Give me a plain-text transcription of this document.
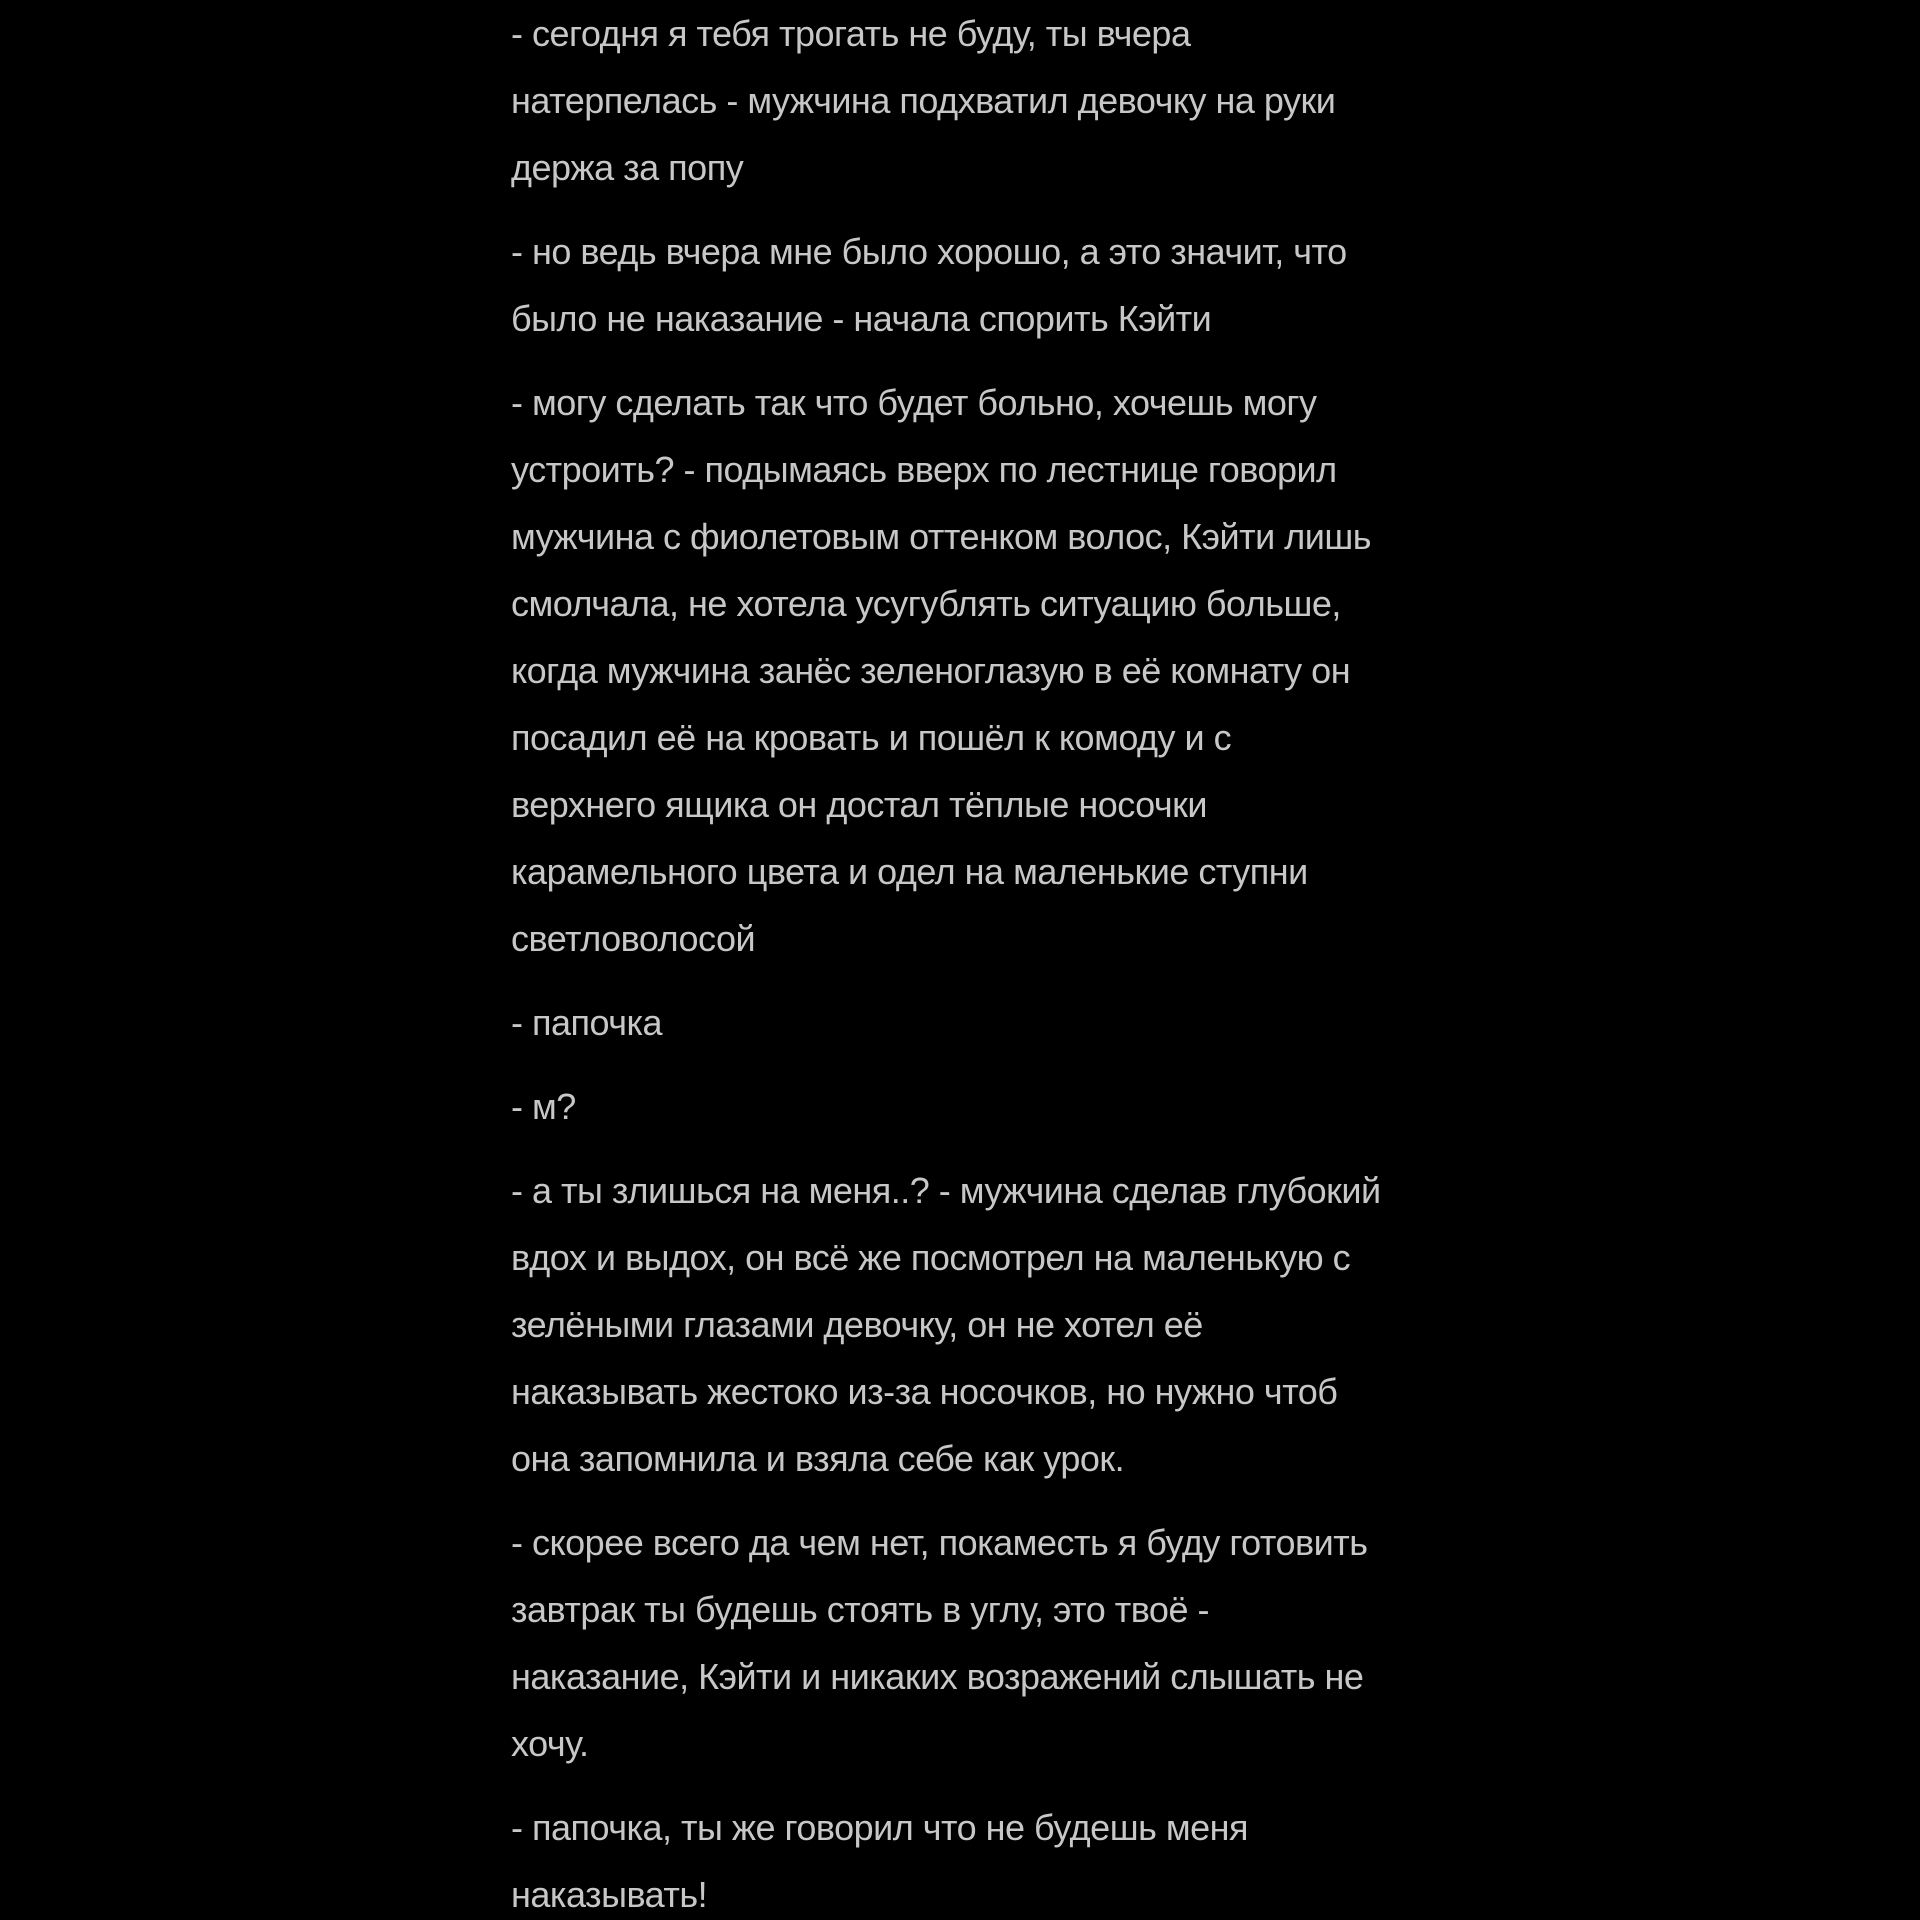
- сегодня я тебя трогать не буду, ты вчера
натерпелась - мужчина подхватил девочку на руки
держа за попу
- но ведь вчера мне было хорошо, а это значит, что
было не наказание - начала спорить Кэйти
- могу сделать так что будет больно, хочешь могу
устроить? - подымаясь вверх по лестнице говорил
мужчина с фиолетовым оттенком волос, Кэйти лишь
смолчала, не хотела усугублять ситуацию больше,
когда мужчина занёс зеленоглазую в её комнату он
посадил её на кровать и пошёл к комоду и с
верхнего ящика он достал тёплые носочки
карамельного цвета и одел на маленькие ступни
светловолосой
- папочка
- м?
- а ты злишься на меня..? - мужчина сделав глубокий
вдох и выдох, он всё же посмотрел на маленькую с
зелёными глазами девочку, он не хотел её
наказывать жестоко из-за носочков, но нужно чтоб
она запомнила и взяла себе как урок.
- скорее всего да чем нет, покаместь я буду готовить
завтрак ты будешь стоять в углу, это твоё -
наказание, Кэйти и никаких возражений слышать не
хочу.
- папочка, ты же говорил что не будешь меня
наказывать!
